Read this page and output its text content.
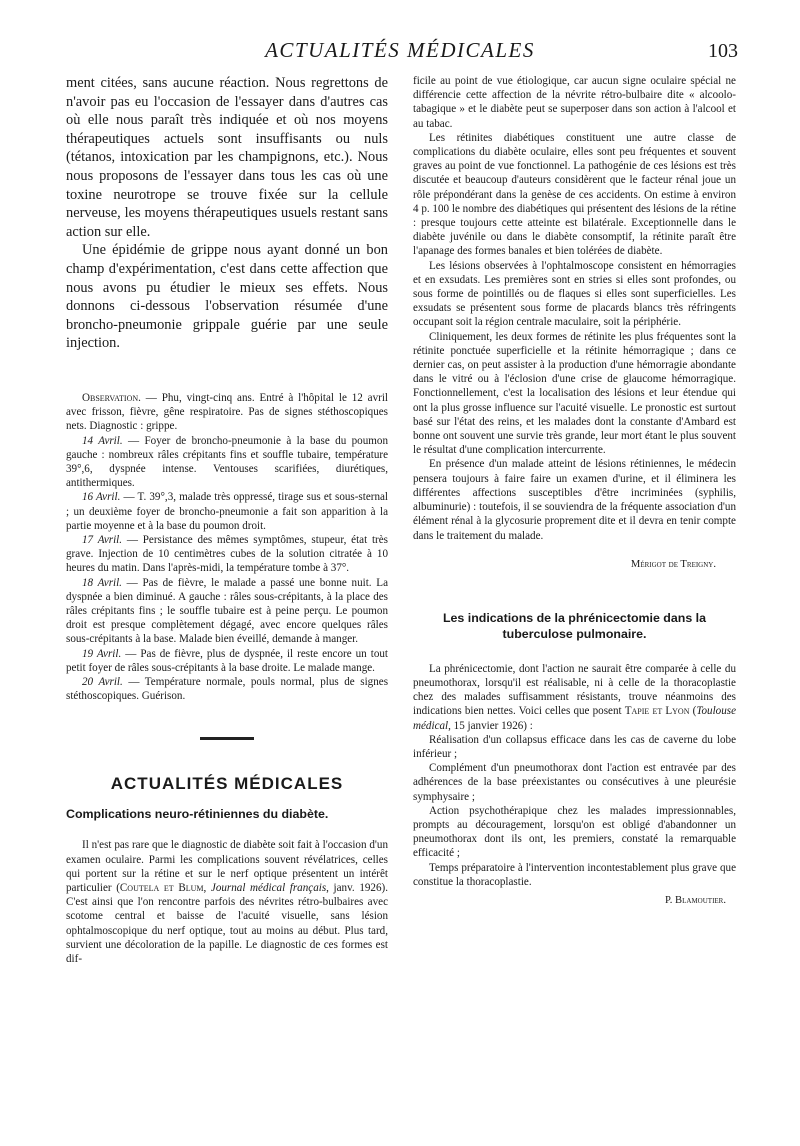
ACTUALITÉS MÉDICALES	103

ment citées, sans aucune réaction. Nous regrettons de n'avoir pas eu l'occasion de l'essayer dans d'autres cas où elle nous paraît très indiquée et où nos moyens thérapeutiques actuels sont insuffisants ou nuls (tétanos, intoxication par les champignons, etc.). Nous nous proposons de l'essayer dans tous les cas où une toxine neurotrope se trouve fixée sur la cellule nerveuse, les moyens thérapeutiques usuels restant sans action sur elle.

Une épidémie de grippe nous ayant donné un bon champ d'expérimentation, c'est dans cette affection que nous avons pu étudier le mieux ses effets. Nous donnons ci-dessous l'observation résumée d'une broncho-pneumonie grippale guérie par une seule injection.

Observation. — Phu, vingt-cinq ans. Entré à l'hôpital le 12 avril avec frisson, fièvre, gêne respiratoire. Pas de signes stéthoscopiques nets. Diagnostic : grippe.

14 Avril. — Foyer de broncho-pneumonie à la base du poumon gauche : nombreux râles crépitants fins et souffle tubaire, température 39°,6, dyspnée intense. Ventouses scarifiées, diurétiques, antithermiques.

16 Avril. — T. 39°,3, malade très oppressé, tirage sus et sous-sternal ; un deuxième foyer de broncho-pneumonie a fait son apparition à la partie moyenne et à la base du poumon droit.

17 Avril. — Persistance des mêmes symptômes, stupeur, état très grave. Injection de 10 centimètres cubes de la solution citratée à 10 heures du matin. Dans l'après-midi, la température tombe à 37°.

18 Avril. — Pas de fièvre, le malade a passé une bonne nuit. La dyspnée a bien diminué. A gauche : râles sous-crépitants, à la place des râles crépitants fins ; le souffle tubaire est à peine perçu. Le poumon droit est presque complètement dégagé, avec encore quelques râles sous-crépitants à la base. Malade bien éveillé, demande à manger.

19 Avril. — Pas de fièvre, plus de dyspnée, il reste encore un tout petit foyer de râles sous-crépitants à la base droite. Le malade mange.

20 Avril. — Température normale, pouls normal, plus de signes stéthoscopiques. Guérison.

ACTUALITÉS MÉDICALES
Complications neuro-rétiniennes du diabète.

Il n'est pas rare que le diagnostic de diabète soit fait à l'occasion d'un examen oculaire. Parmi les complications souvent révélatrices, celles qui portent sur la rétine et sur le nerf optique présentent un intérêt particulier (Coutela et Blum, Journal médical français, janv. 1926). C'est ainsi que l'on rencontre parfois des névrites rétro-bulbaires avec scotome central et baisse de l'acuité visuelle, sans lésion ophtalmoscopique du nerf optique, tout au moins au début. Plus tard, survient une décoloration de la papille. Le diagnostic de ces formes est dif-

ficile au point de vue étiologique, car aucun signe oculaire spécial ne différencie cette affection de la névrite rétro-bulbaire dite « alcoolo-tabagique » et le diabète peut se superposer dans son action à l'alcool et au tabac.

Les rétinites diabétiques constituent une autre classe de complications du diabète oculaire, elles sont peu fréquentes et souvent graves au point de vue fonctionnel. La pathogénie de ces lésions est très discutée et beaucoup d'auteurs considèrent que le facteur rénal joue un rôle prépondérant dans la genèse de ces accidents. On estime à environ 4 p. 100 le nombre des diabétiques qui présentent des lésions de la rétine : presque toujours cette atteinte est bilatérale. Exceptionnelle dans le diabète juvénile ou dans le diabète consomptif, la rétinite paraît être l'apanage des formes banales et bien tolérées de diabète.

Les lésions observées à l'ophtalmoscope consistent en hémorragies et en exsudats. Les premières sont en stries si elles sont profondes, ou sous forme de pointillés ou de flaques si elles sont superficielles. Les exsudats se présentent sous forme de placards blancs très réfringents occupant soit la région centrale maculaire, soit la périphérie.

Cliniquement, les deux formes de rétinite les plus fréquentes sont la rétinite ponctuée superficielle et la rétinite hémorragique ; dans ce dernier cas, on peut assister à la production d'une hémorragie abondante dans le vitré ou à l'éclosion d'une crise de glaucome hémorragique. Fonctionnellement, c'est la localisation des lésions et leur étendue qui ont la plus grosse influence sur l'acuité visuelle. Le pronostic est surtout basé sur l'état des reins, et les malades dont la constante d'Ambard est bonne ont souvent une survie très grande, leur mort étant le plus souvent le résultat d'une complication intercurrente.

En présence d'un malade atteint de lésions rétiniennes, le médecin pensera toujours à faire faire un examen d'urine, et il éliminera les différentes affections susceptibles d'être incriminées (syphilis, albuminurie) : toutefois, il se souviendra de la fréquente association d'un élément rénal à la glycosurie proprement dite et il devra en tenir compte dans le traitement du malade.

Mérigot de Treigny.
Les indications de la phrénicectomie dans la tuberculose pulmonaire.

La phrénicectomie, dont l'action ne saurait être comparée à celle du pneumothorax, lorsqu'il est réalisable, ni à celle de la thoracoplastie chez des malades suffisamment résistants, trouve néanmoins des indications bien nettes. Voici celles que posent Tapie et Lyon (Toulouse médical, 15 janvier 1926) :

Réalisation d'un collapsus efficace dans les cas de caverne du lobe inférieur ;

Complément d'un pneumothorax dont l'action est entravée par des adhérences de la base préexistantes ou consécutives à une pleurésie symphysaire ;

Action psychothérapique chez les malades impressionnables, prompts au découragement, lorsqu'on est obligé d'abandonner un pneumothorax dont ils ont, les premiers, constaté la remarquable efficacité ;

Temps préparatoire à l'intervention incontestablement plus grave que constitue la thoracoplastie.

P. Blamoutier.
